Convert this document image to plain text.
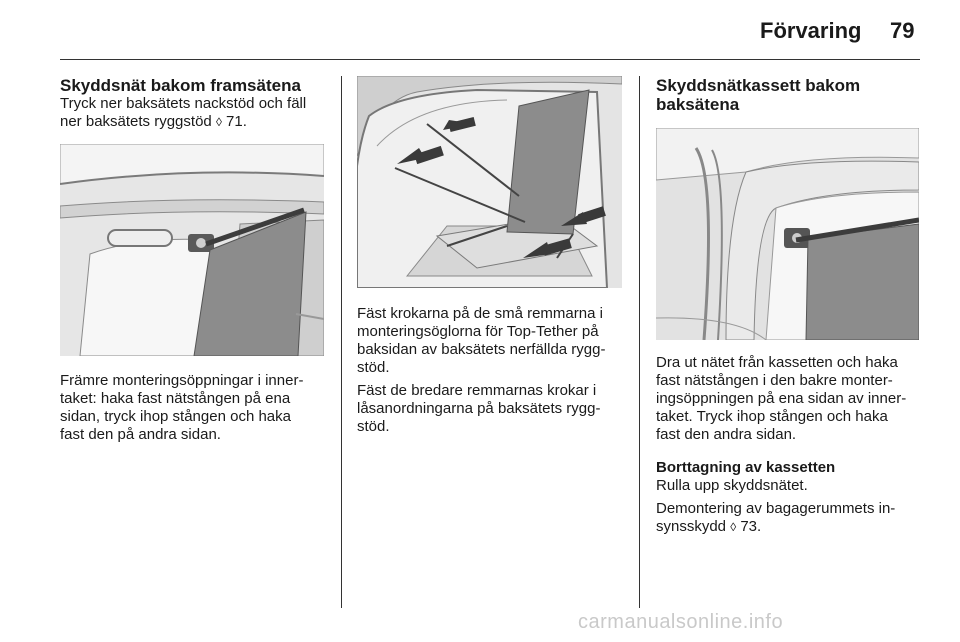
Förvaring 79
Skyddsnät bakom framsätena

Tryck ner baksätets nackstöd och fäll
ner baksätets ryggstöd ◊ 71.

Främre monteringsöppningar i inner-
taket: haka fast nätstången på ena
sidan, tryck ihop stången och haka
fast den på andra sidan.

Fäst krokarna på de små remmarna i
monteringsöglorna för Top-Tether på
baksidan av baksätets nerfällda rygg-
stöd.

Fäst de bredare remmarnas krokar i
låsanordningarna på baksätets rygg-
stöd.

Skyddsnätkassett bakom
baksätena

Dra ut nätet från kassetten och haka
fast nätstången i den bakre monter-
ingsöppningen på ena sidan av inner-
taket. Tryck ihop stången och haka
fast den andra sidan.

Borttagning av kassetten

Rulla upp skyddsnätet.

Demontering av bagagerummets in-
synsskydd ◊ 73.

carmanualsonline.info
